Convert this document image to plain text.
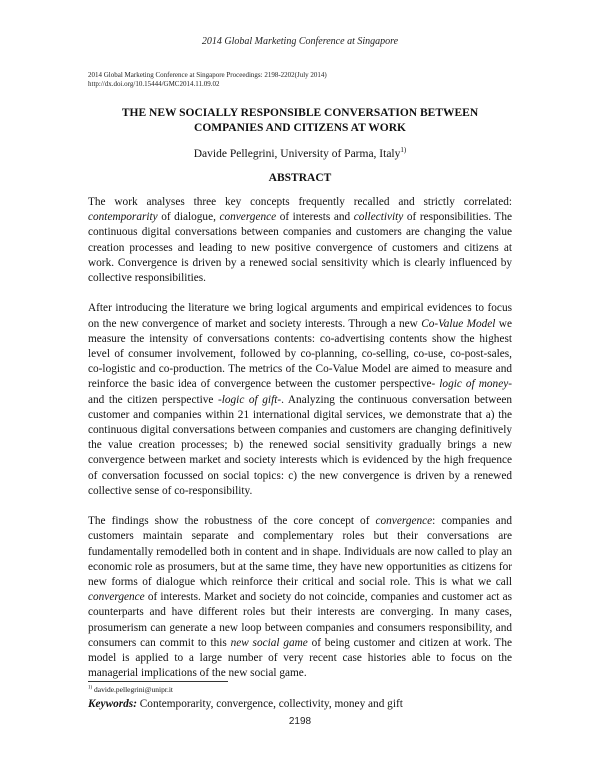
2014 Global Marketing Conference at Singapore
2014 Global Marketing Conference at Singapore Proceedings: 2198-2202(July 2014)
http://dx.doi.org/10.15444/GMC2014.11.09.02
THE NEW SOCIALLY RESPONSIBLE CONVERSATION BETWEEN
COMPANIES AND CITIZENS AT WORK
Davide Pellegrini, University of Parma, Italy$^{1)}$
ABSTRACT

The work analyses three key concepts frequently recalled and strictly correlated: contemporarity of dialogue, convergence of interests and collectivity of responsibilities. The continuous digital conversations between companies and customers are changing the value creation processes and leading to new positive convergence of customers and citizens at work. Convergence is driven by a renewed social sensitivity which is clearly influenced by collective responsibilities.

After introducing the literature we bring logical arguments and empirical evidences to focus on the new convergence of market and society interests. Through a new Co-Value Model we measure the intensity of conversations contents: co-advertising contents show the highest level of consumer involvement, followed by co-planning, co-selling, co-use, co-post-sales, co-logistic and co-production. The metrics of the Co-Value Model are aimed to measure and reinforce the basic idea of convergence between the customer perspective- logic of money- and the citizen perspective -logic of gift-. Analyzing the continuous conversation between customer and companies within 21 international digital services, we demonstrate that a) the continuous digital conversations between companies and customers are changing definitively the value creation processes; b) the renewed social sensitivity gradually brings a new convergence between market and society interests which is evidenced by the high frequence of conversation focussed on social topics: c) the new convergence is driven by a renewed collective sense of co-responsibility.

The findings show the robustness of the core concept of convergence: companies and customers maintain separate and complementary roles but their conversations are fundamentally remodelled both in content and in shape. Individuals are now called to play an economic role as prosumers, but at the same time, they have new opportunities as citizens for new forms of dialogue which reinforce their critical and social role. This is what we call convergence of interests. Market and society do not coincide, companies and customer act as counterparts and have different roles but their interests are converging. In many cases, prosumerism can generate a new loop between companies and consumers responsibility, and consumers can commit to this new social game of being customer and citizen at work. The model is applied to a large number of very recent case histories able to focus on the managerial implications of the new social game.

Keywords: Contemporarity, convergence, collectivity, money and gift

$^{1)}$ davide.pellegrini@unipr.it
2198
